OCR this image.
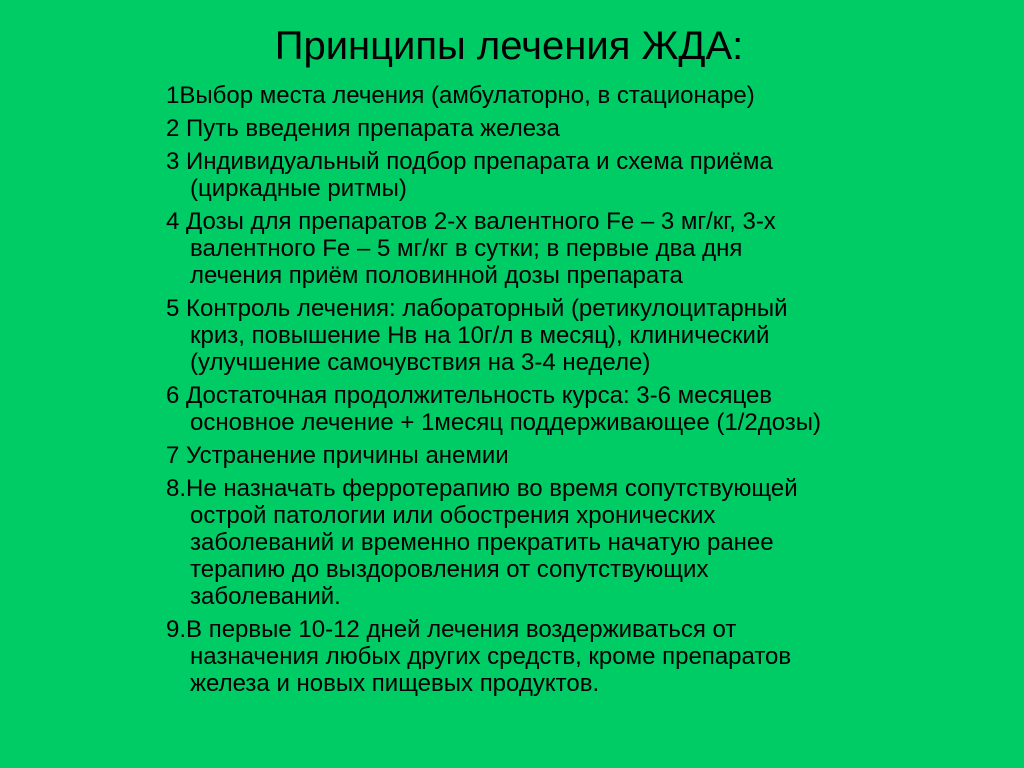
Принципы лечения ЖДА:
1Выбор места лечения (амбулаторно, в стационаре)
2 Путь введения препарата железа
3 Индивидуальный подбор препарата и схема приёма
(циркадные ритмы)
4 Дозы для препаратов 2-х валентного Fe – 3 мг/кг, 3-х
валентного Fe – 5 мг/кг в сутки; в первые два дня
лечения приём половинной дозы препарата
5 Контроль лечения: лабораторный (ретикулоцитарный
криз, повышение Нв на 10г/л в месяц), клинический
(улучшение самочувствия на 3-4 неделе)
6 Достаточная продолжительность курса: 3-6 месяцев
основное лечение + 1месяц поддерживающее (1/2дозы)
7 Устранение причины анемии
8.Не назначать ферротерапию во время сопутствующей
острой патологии или обострения хронических
заболеваний и временно прекратить начатую ранее
терапию до выздоровления от сопутствующих
заболеваний.
9.В первые 10-12 дней лечения воздерживаться от
назначения любых других средств, кроме препаратов
железа и новых пищевых продуктов.
